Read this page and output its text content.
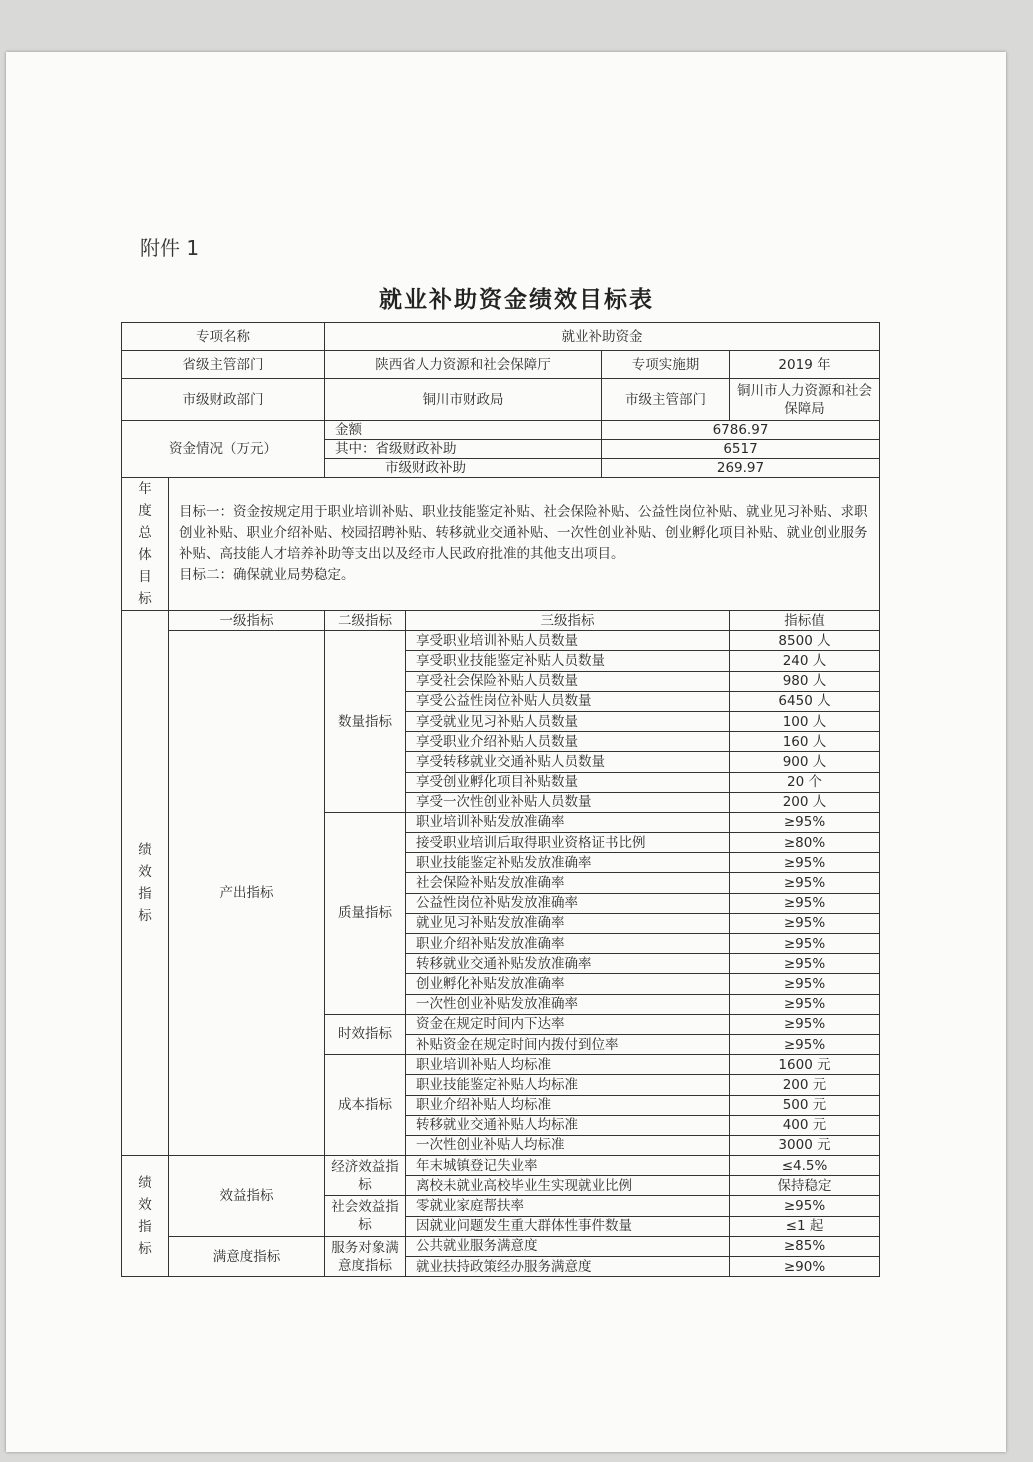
附件 1
就业补助资金绩效目标表
专项名称		就业补助资金			
省级主管部门		陕西省人力资源和社会保障厅		专项实施期	2019 年
市级财政部门		铜川市财政局		市级主管部门	铜川市人力资源和社会保障局
资金情况（万元）		金额		6786.97	
		其中：省级财政补助		6517	
		市级财政补助		269.97	
年度总体目标	目标一：资金按规定用于职业培训补贴、职业技能鉴定补贴、社会保险补贴、公益性岗位补贴、就业见习补贴、求职创业补贴、职业介绍补贴、校园招聘补贴、转移就业交通补贴、一次性创业补贴、创业孵化项目补贴、就业创业服务补贴、高技能人才培养补助等支出以及经市人民政府批准的其他支出项目。
目标二：确保就业局势稳定。				

绩效指标	一级指标	二级指标	三级指标		指标值
	产出指标	数量指标	享受职业培训补贴人员数量		8500 人
			享受职业技能鉴定补贴人员数量		240 人
			享受社会保险补贴人员数量		980 人
			享受公益性岗位补贴人员数量		6450 人
			享受就业见习补贴人员数量		100 人
			享受职业介绍补贴人员数量		160 人
			享受转移就业交通补贴人员数量		900 人
			享受创业孵化项目补贴数量		20 个
			享受一次性创业补贴人员数量		200 人
		质量指标	职业培训补贴发放准确率		≥95%
			接受职业培训后取得职业资格证书比例		≥80%
			职业技能鉴定补贴发放准确率		≥95%
			社会保险补贴发放准确率		≥95%
			公益性岗位补贴发放准确率		≥95%
			就业见习补贴发放准确率		≥95%
			职业介绍补贴发放准确率		≥95%
			转移就业交通补贴发放准确率		≥95%
			创业孵化补贴发放准确率		≥95%
			一次性创业补贴发放准确率		≥95%
		时效指标	资金在规定时间内下达率		≥95%
			补贴资金在规定时间内拨付到位率		≥95%
		成本指标	职业培训补贴人均标准		1600 元
			职业技能鉴定补贴人均标准		200 元
			职业介绍补贴人均标准		500 元
			转移就业交通补贴人均标准		400 元
			一次性创业补贴人均标准		3000 元
绩效指标	效益指标	经济效益指标	年末城镇登记失业率		≤4.5%
			离校未就业高校毕业生实现就业比例		保持稳定
		社会效益指标	零就业家庭帮扶率		≥95%
			因就业问题发生重大群体性事件数量		≤1 起
	满意度指标	服务对象满意度指标	公共就业服务满意度		≥85%
			就业扶持政策经办服务满意度		≥90%
